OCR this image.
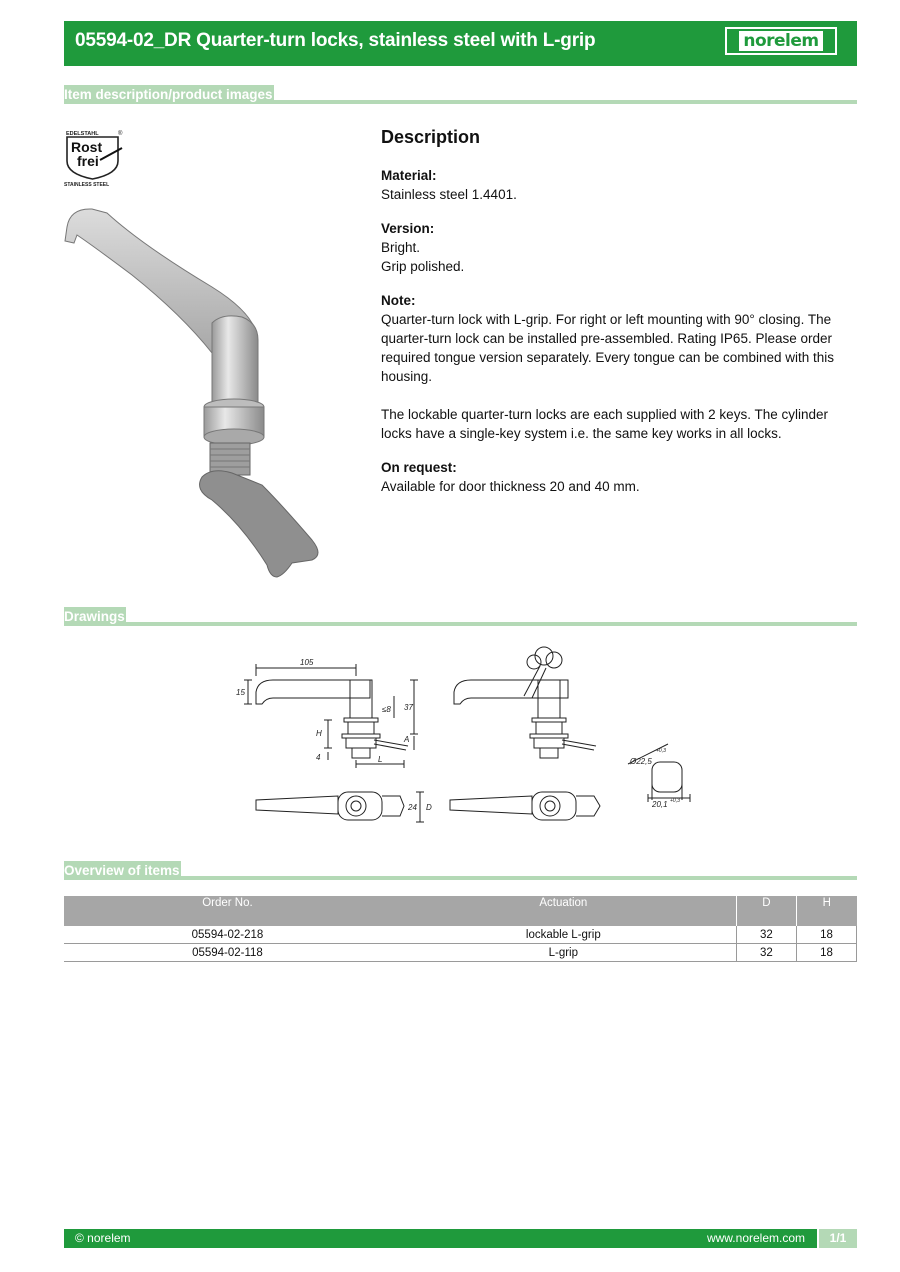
05594-02_DR Quarter-turn locks, stainless steel with L-grip	norelem
Item description/product images
EDELSTAHL	®
Rost
frei
STAINLESS STEEL
Description

Material:

Stainless steel 1.4401.

Version:

Bright.

Grip polished.

Note:

Quarter-turn lock with L-grip. For right or left mounting with 90° closing. The quarter-turn lock can be installed pre-assembled. Rating IP65. Please order required tongue version separately. Every tongue can be combined with this housing.

The lockable quarter-turn locks are each supplied with 2 keys. The cylinder locks have a single-key system i.e. the same key works in all locks.

On request:

Available for door thickness 20 and 40 mm.

Drawings
105
15
≤8 37
H
A
4	L
24 D
Ø22,5
+0,3
20,1 +0,3
Overview of items
Order No.	Actuation	D	H
05594-02-218	lockable L-grip	32	18
05594-02-118	L-grip	32	18
© norelem	www.norelem.com	1/1
